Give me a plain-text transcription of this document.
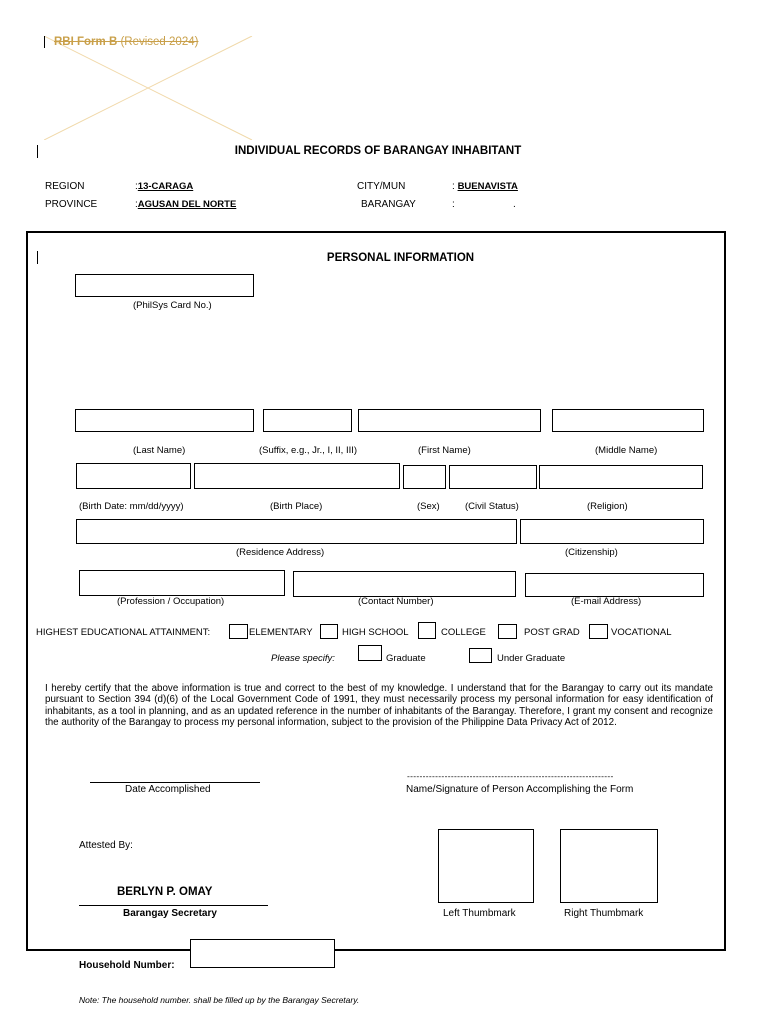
RBI Form B (Revised 2024)
INDIVIDUAL RECORDS OF BARANGAY INHABITANT
REGION	:13-CARAGA	CITY/MUN	: BUENAVISTA
PROVINCE	:AGUSAN DEL NORTE	BARANGAY	:	.
PERSONAL INFORMATION
(PhilSys Card No.)
(Last Name)	(Suffix, e.g., Jr., I, II, III)	(First Name)	(Middle Name)
(Birth Date: mm/dd/yyyy)	(Birth Place)	(Sex)	(Civil Status)	(Religion)
(Residence Address)	(Citizenship)
(Profession / Occupation)	(Contact Number)	(E-mail Address)
HIGHEST EDUCATIONAL ATTAINMENT:	ELEMENTARY	HIGH SCHOOL	COLLEGE	POST GRAD	VOCATIONAL
Please specify:	Graduate	Under Graduate
I hereby certify that the above information is true and correct to the best of my knowledge. I understand that for the Barangay to carry out its mandate pursuant to Section 394 (d)(6) of the Local Government Code of 1991, they must necessarily process my personal information for easy identification of inhabitants, as a tool in planning, and as an updated reference in the number of inhabitants of the Barangay. Therefore, I grant my consent and recognize the authority of the Barangay to process my personal information, subject to the provision of the Philippine Data Privacy Act of 2012.
Date Accomplished
------------------------------------------------------------------
Name/Signature of Person Accomplishing the Form
Attested By:
BERLYN P. OMAY
Barangay Secretary	Left Thumbmark	Right Thumbmark
Household Number:
Note: The household number. shall be filled up by the Barangay Secretary.
